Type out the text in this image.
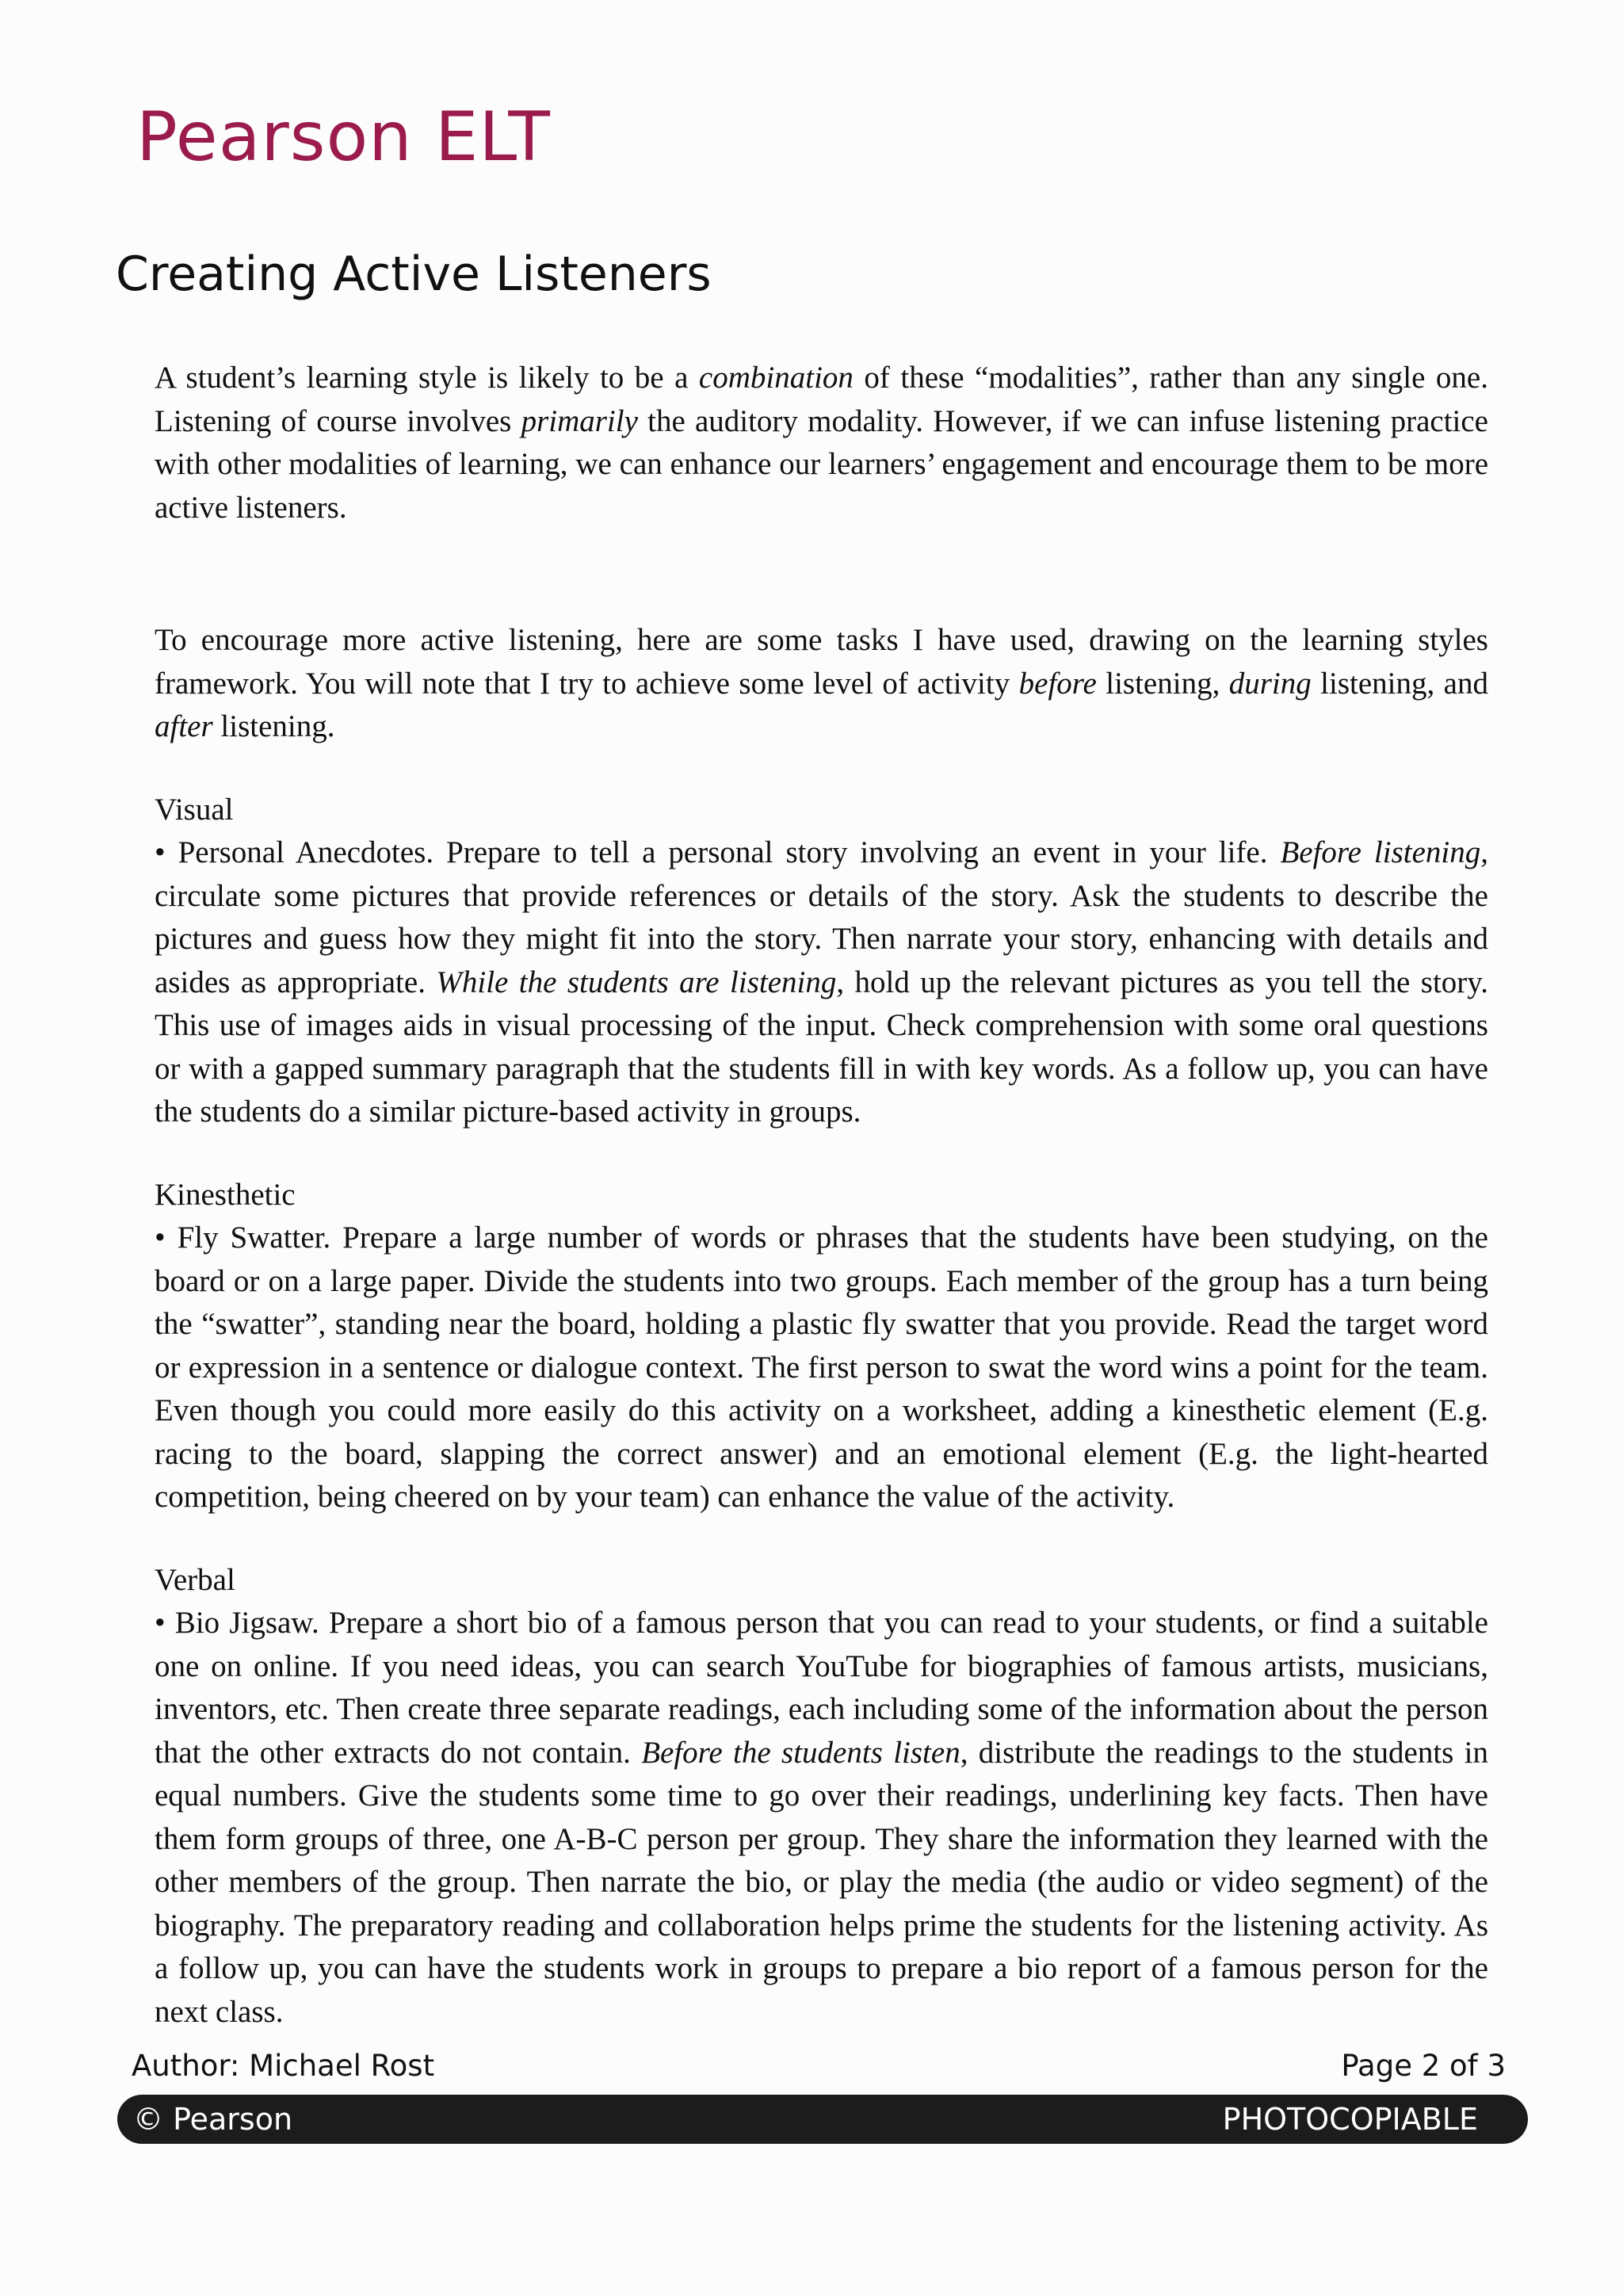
Pearson ELT
Creating Active Listeners

A student’s learning style is likely to be a combination of these “modalities”, rather than any single one. Listening of course involves primarily the auditory modality. However, if we can infuse listening practice with other modalities of learning, we can enhance our learners’ engagement and encourage them to be more active listeners.

To encourage more active listening, here are some tasks I have used, drawing on the learning styles framework. You will note that I try to achieve some level of activity before listening, during listening, and after listening.

Visual

• Personal Anecdotes. Prepare to tell a personal story involving an event in your life. Before listening, circulate some pictures that provide references or details of the story. Ask the students to describe the pictures and guess how they might fit into the story. Then narrate your story, enhancing with details and asides as appropriate. While the students are listening, hold up the relevant pictures as you tell the story. This use of images aids in visual processing of the input. Check comprehension with some oral questions or with a gapped summary paragraph that the students fill in with key words. As a follow up, you can have the students do a similar picture-based activity in groups.

Kinesthetic

• Fly Swatter. Prepare a large number of words or phrases that the students have been studying, on the board or on a large paper. Divide the students into two groups. Each member of the group has a turn being the “swatter”, standing near the board, holding a plastic fly swatter that you provide. Read the target word or expression in a sentence or dialogue context. The first person to swat the word wins a point for the team. Even though you could more easily do this activity on a worksheet, adding a kinesthetic element (E.g. racing to the board, slapping the correct answer) and an emotional element (E.g. the light-hearted competition, being cheered on by your team) can enhance the value of the activity.

Verbal

• Bio Jigsaw. Prepare a short bio of a famous person that you can read to your students, or find a suitable one on online. If you need ideas, you can search YouTube for biographies of famous artists, musicians, inventors, etc. Then create three separate readings, each including some of the information about the person that the other extracts do not contain. Before the students listen, distribute the readings to the students in equal numbers. Give the students some time to go over their readings, underlining key facts. Then have them form groups of three, one A-B-C person per group. They share the information they learned with the other members of the group. Then narrate the bio, or play the media (the audio or video segment) of the biography. The preparatory reading and collaboration helps prime the students for the listening activity. As a follow up, you can have the students work in groups to prepare a bio report of a famous person for the next class.

Author: Michael Rost	Page 2 of 3
© Pearson	PHOTOCOPIABLE
